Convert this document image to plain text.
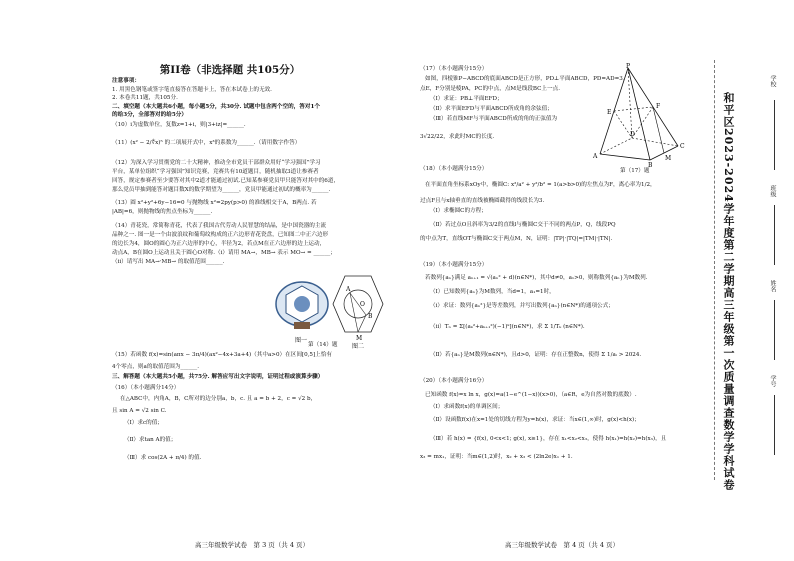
第II卷（非选择题 共105分）
注意事项：
1. 用黑色钢笔或签字笔直接答在答题卡上，答在本试卷上的无效.
2. 本卷共11题，共105分.
二、填空题（本大题共6小题，每小题5分，共30分. 试题中包含两个空的，答对1个
的给3分，全部答对的给5分）
（10）i为虚数单位，复数z=1+i，则|3+iz|=______.
（11）(x² − 2/∜x)⁵ 的二项展开式中，x³的系数为______.（请用数字作答）
（12）为深入学习贯彻党的二十大精神，推动全市党员干部群众用好“学习强国”学习
平台，某单位组织“学习强国”知识竞赛，竞赛共有10道题目，随机抽取3道让参赛者
回答，规定参赛者至少要答对其中2道才能通过初试.已知某参赛党员甲只能答对其中的6道，
那么党员甲抽到能答对题目数X的数学期望为______，党员甲能通过初试的概率为______.
（13）圆 x²+y²+6y−16=0 与抛物线 x²=2py(p>0) 的准线相交于A，B两点. 若
|AB|=6，则抛物线的焦点坐标为______.
（14）青花瓷，常简称青花，代表了我国古代劳动人民智慧的结晶，是中国瓷器的主流
品种之一. 图一是一个由波浪纹和葡萄纹构成的正六边形青花瓷盘，已知图二中正六边形
的边长为4，圆O的圆心为正六边形的中心，半径为2，若点M在正六边形的边上运动，
动点A，B在圆O上运动且关于圆心O对称.（i）请用 MA→，MB→ 表示 MO→ = ______；
（ii）请写出 MA→·MB→ 的取值范围______.
A
O
B
M
图一
图二
第（14）题
（15）若函数 f(x)=sin(aπx − 3π/4)(ax²−4x+3a+4)（其中a>0）在区间[0,5]上恰有
4个零点，则a的取值范围为______.
三、解答题（本大题共5小题，共75分. 解答应写出文字说明，证明过程或演算步骤）
（16）（本小题满分14分）
在△ABC中，内角A，B，C所对的边分别a，b，c. 且 a = b + 2，c = √2 b，
且 sin A = √2 sin C.
（Ⅰ）求c的值；
（Ⅱ）求tan A的值；
（Ⅲ）求 cos(2A + π/4) 的值.
高三年级数学试卷　第 3 页（共 4 页）
（17）（本小题满分15分）
如图，四棱锥P−ABCD的底面ABCD是正方形，PD⊥平面ABCD，PD=AD=3，
点E，F分别是棱PA，PC的中点，点M是线段BC上一点.
（Ⅰ）求证：PB⊥平面EFD；
（Ⅱ）求平面EFD与平面ABCD所成角的余弦值；
（Ⅲ）若直线MF与平面ABCD所成的角的正弦值为
3√22/22，求此时MC的长度.
P
E
F
D
C
A
B
M
第（17）题
（18）（本小题满分15分）
在平面直角坐标系xOy中，椭圆C: x²/a² + y²/b² = 1(a>b>0)的左焦点为F，离心率为1/2，
过点F且与x轴垂直的直线被椭圆截得的线段长为3.
（Ⅰ）求椭圆C的方程；
（Ⅱ）若过点O且斜率为3/2的直线l与椭圆C交于不同的两点P，Q，线段PQ
的中点为T，直线OT与椭圆C交于两点M，N，证明：|TP|·|TQ|=|TM|·|TN|.
（19）（本小题满分15分）
若数列{aₙ}满足 aₙ₊₁ = √(aₙ² + d)(n∈N*)，其中d≠0，a₁>0，则称数列{aₙ}为M数列.
（Ⅰ）已知数列{aₙ}为M数列，当d=1，a₁=1时，
（ⅰ）求证：数列{aₙ²}是等差数列，并写出数列{aₙ}(n∈N*)的通项公式；
（ⅱ）Tₙ = Σ[(aₖ²+aₖ₊₁²)(−1)ᵏ](n∈N*)，求 Σ 1/Tₖ (n∈N*).
（Ⅱ）若{aₙ}是M数列(n∈N*)，且d>0，证明：存在正整数n，使得 Σ 1/aᵢ > 2024.
（20）（本小题满分16分）
已知函数 f(x)=x ln x，g(x)=a(1−e^(1−x))(x>0)，（a∈R，e为自然对数的底数）.
（Ⅰ）求函数f(x)的单调区间；
（Ⅱ）设函数f(x)在x=1处的切线方程为y=h(x)，求证：当x∈(1,∞)时，g(x)<h(x)；
（Ⅲ）若 h(x) = {f(x), 0<x<1; g(x), x≥1}，存在 x₁<x₂<x₃，使得 h(x₁)=h(x₂)=h(x₃)，且
x₃ = mx₁，证明：当m∈(1,2)时，x₂ + x₃ < (2ln2e)x₁ + 1.
高三年级数学试卷　第 4 页（共 4 页）
和平区2023-2024学年度第二学期高三年级第一次质量调查数学学科试卷
学校
班级
姓名
学号
